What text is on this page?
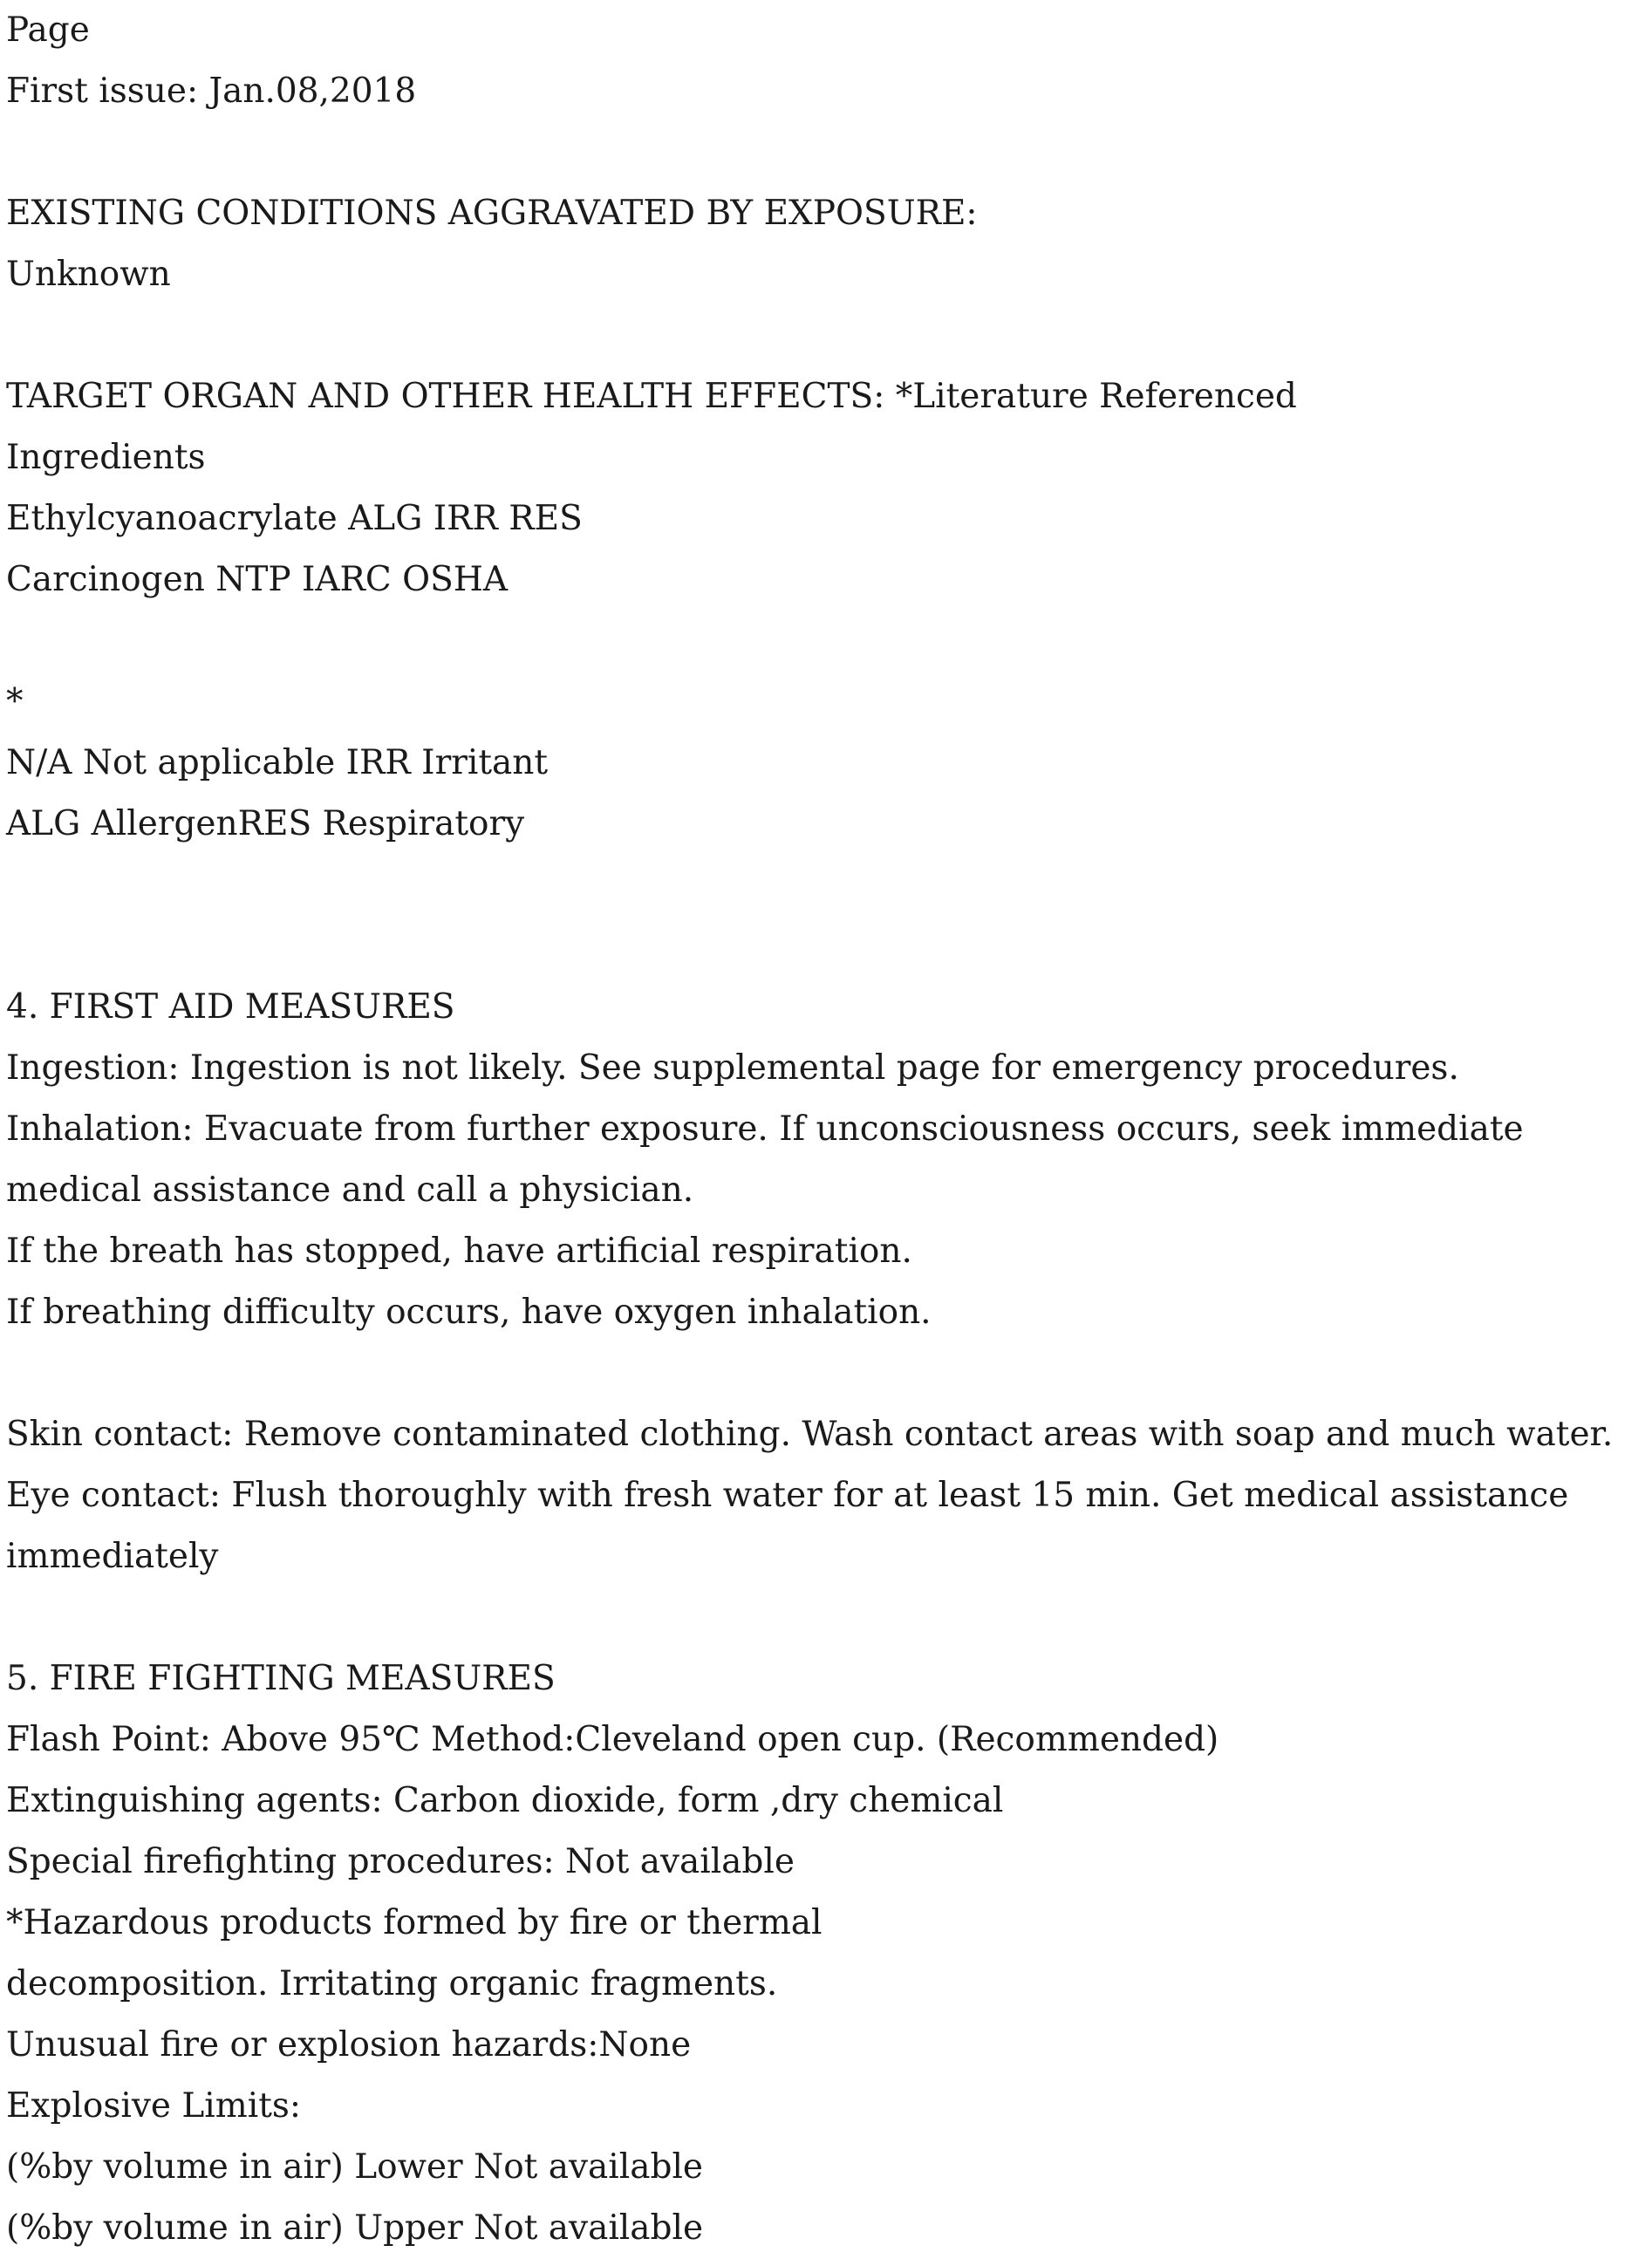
Page

First issue: Jan.08,2018

EXISTING CONDITIONS AGGRAVATED BY EXPOSURE:

Unknown

TARGET ORGAN AND OTHER HEALTH EFFECTS: *Literature Referenced

Ingredients

Ethylcyanoacrylate ALG IRR RES

Carcinogen NTP IARC OSHA

*

N/A Not applicable IRR Irritant

ALG AllergenRES Respiratory

4. FIRST AID MEASURES

Ingestion: Ingestion is not likely. See supplemental page for emergency procedures.

Inhalation: Evacuate from further exposure. If unconsciousness occurs, seek immediate

medical assistance and call a physician.

If the breath has stopped, have artificial respiration.

If breathing difficulty occurs, have oxygen inhalation.

Skin contact: Remove contaminated clothing. Wash contact areas with soap and much water.

Eye contact: Flush thoroughly with fresh water for at least 15 min. Get medical assistance

immediately

5. FIRE FIGHTING MEASURES

Flash Point: Above 95℃ Method:Cleveland open cup. (Recommended)

Extinguishing agents: Carbon dioxide, form ,dry chemical

Special firefighting procedures: Not available

*Hazardous products formed by fire or thermal

decomposition. Irritating organic fragments.

Unusual fire or explosion hazards:None

Explosive Limits:

(%by volume in air) Lower Not available

(%by volume in air) Upper Not available
